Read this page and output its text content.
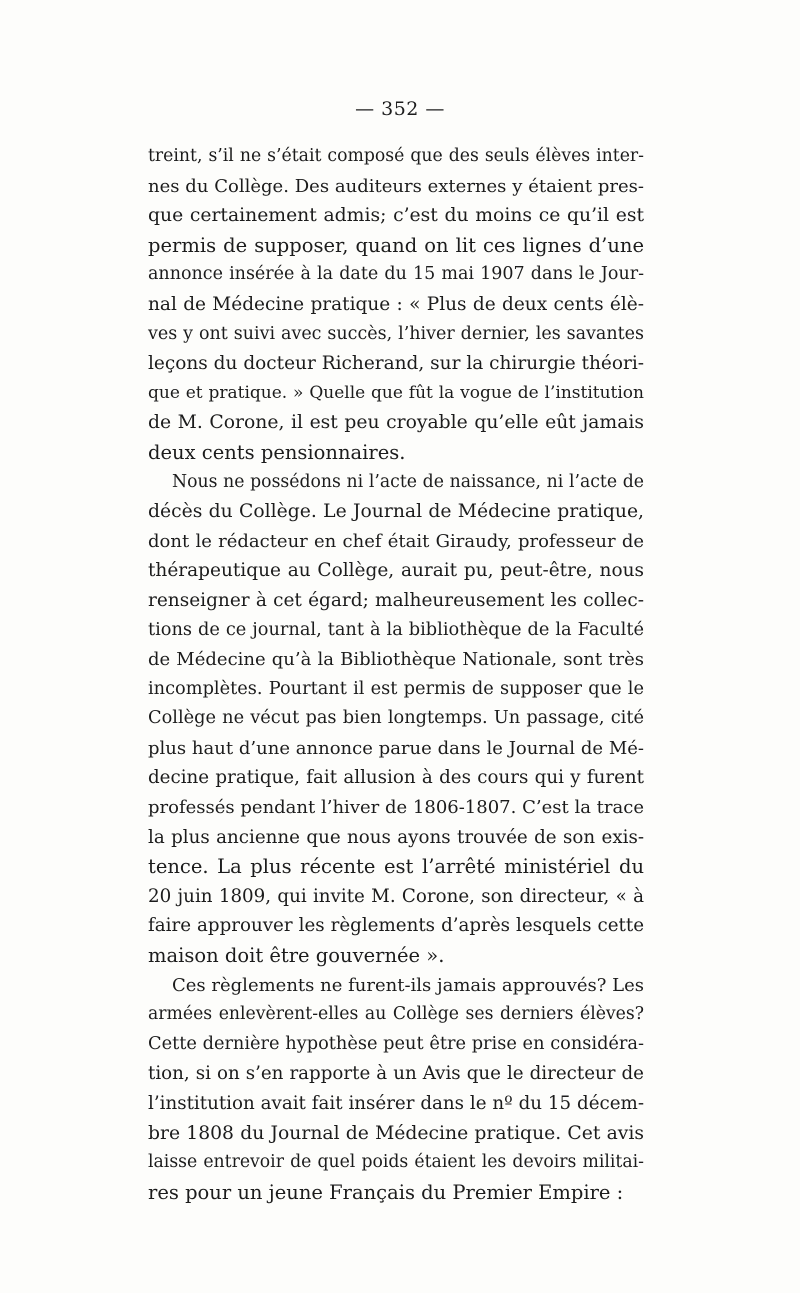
— 352 —
treint, s’il ne s’était composé que des seuls élèves inter-
nes du Collège. Des auditeurs externes y étaient pres-
que certainement admis; c’est du moins ce qu’il est
permis de supposer, quand on lit ces lignes d’une
annonce insérée à la date du 15 mai 1907 dans le Jour-
nal de Médecine pratique : « Plus de deux cents élè-
ves y ont suivi avec succès, l’hiver dernier, les savantes
leçons du docteur Richerand, sur la chirurgie théori-
que et pratique. » Quelle que fût la vogue de l’institution
de M. Corone, il est peu croyable qu’elle eût jamais
deux cents pensionnaires.
Nous ne possédons ni l’acte de naissance, ni l’acte de
décès du Collège. Le Journal de Médecine pratique,
dont le rédacteur en chef était Giraudy, professeur de
thérapeutique au Collège, aurait pu, peut-être, nous
renseigner à cet égard; malheureusement les collec-
tions de ce journal, tant à la bibliothèque de la Faculté
de Médecine qu’à la Bibliothèque Nationale, sont très
incomplètes. Pourtant il est permis de supposer que le
Collège ne vécut pas bien longtemps. Un passage, cité
plus haut d’une annonce parue dans le Journal de Mé-
decine pratique, fait allusion à des cours qui y furent
professés pendant l’hiver de 1806-1807. C’est la trace
la plus ancienne que nous ayons trouvée de son exis-
tence. La plus récente est l’arrêté ministériel du
20 juin 1809, qui invite M. Corone, son directeur, « à
faire approuver les règlements d’après lesquels cette
maison doit être gouvernée ».
Ces règlements ne furent-ils jamais approuvés? Les
armées enlevèrent-elles au Collège ses derniers élèves?
Cette dernière hypothèse peut être prise en considéra-
tion, si on s’en rapporte à un Avis que le directeur de
l’institution avait fait insérer dans le nº du 15 décem-
bre 1808 du Journal de Médecine pratique. Cet avis
laisse entrevoir de quel poids étaient les devoirs militai-
res pour un jeune Français du Premier Empire :
